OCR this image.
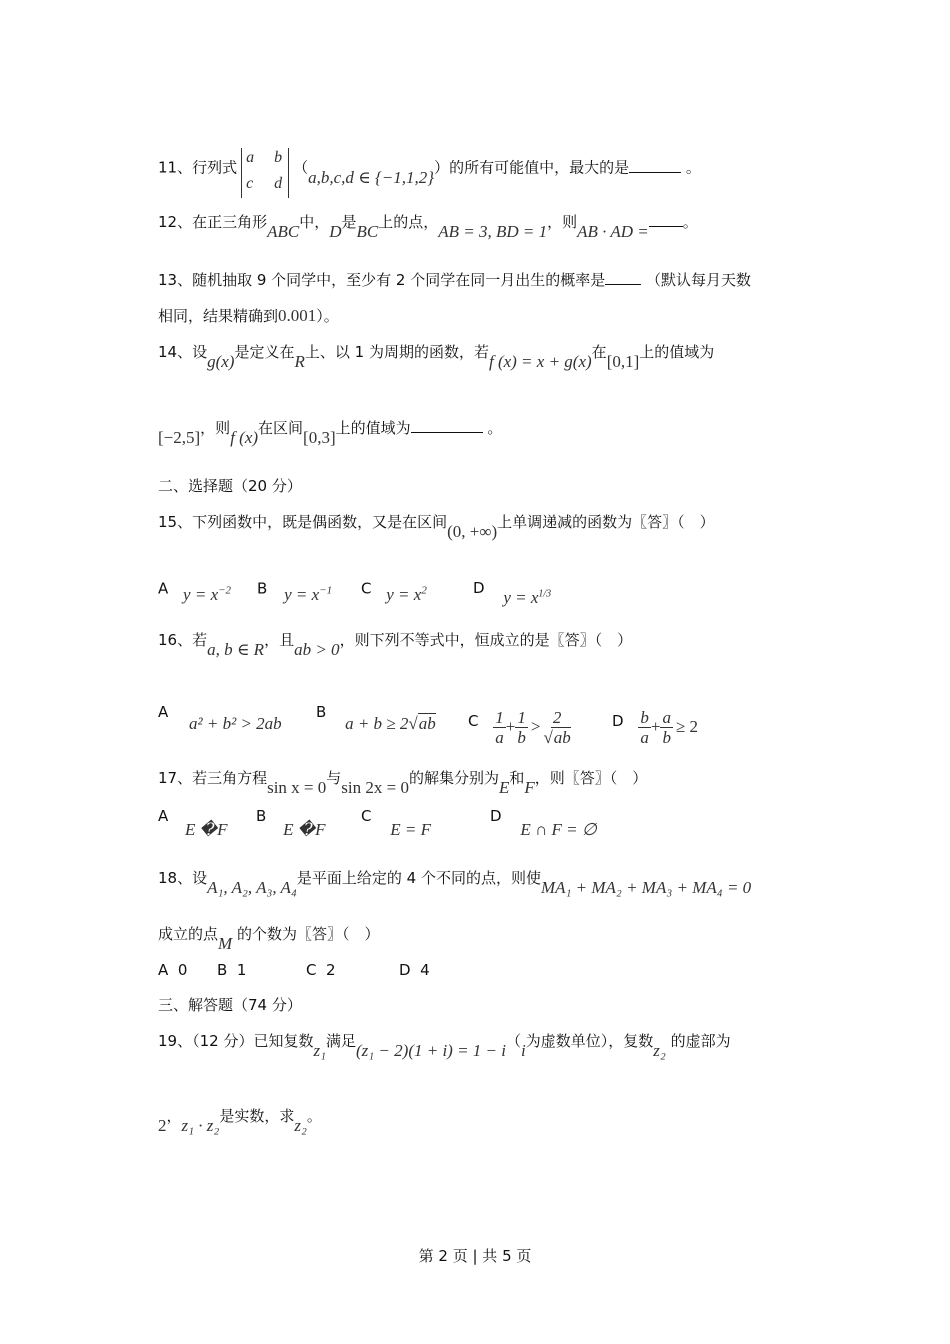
11、行列式
a b
c d
（a,b,c,d ∈ {−1,1,2}）的所有可能值中，最大的是	。
12、在正三角形ABC中，D是BC上的点，AB = 3, BD = 1，则AB · AD = 。
13、随机抽取 9 个同学中，至少有 2 个同学在同一月出生的概率是	（默认每月天数
相同，结果精确到0.001）。
14、设g(x)是定义在R上、以 1 为周期的函数，若f (x) = x + g(x)在[0,1]上的值域为
[−2,5]，则f (x)在区间[0,3]上的值域为	。
二、选择题（20 分）
15、下列函数中，既是偶函数，又是在区间(0, +∞)上单调递减的函数为〖答〗（　）
A $y = x^{-2}$ B $y = x^{-1}$ C $y = x^2$	D $y = x^{1/3}$
16、若a, b ∈ R，且ab > 0，则下列不等式中，恒成立的是〖答〗（　）
A a² + b² > 2ab
B a + b ≥ 2√ab C $\frac{1}{a} + \frac{1}{b} > \frac{2}{√ab}$	D $\frac{b}{a} + \frac{a}{b} \ge 2$
17、若三角方程sin x = 0与sin 2x = 0的解集分别为E和F，则〖答〗（　）
A E �F
B E �F
C E = F
D E ∩ F = ∅
18、设A₁, A₂, A₃, A₄是平面上给定的 4 个不同的点，则使MA₁ + MA₂ + MA₃ + MA₄ = 0
成立的点M 的个数为〖答〗（　）
A 0 B 1	C 2	D 4
三、解答题（74 分）
19、（12 分）已知复数z₁满足(z₁ − 2)(1 + i) = 1 − i（i为虚数单位），复数z₂ 的虚部为
2，z₁ · z₂是实数，求z₂。
第 2 页 | 共 5 页
